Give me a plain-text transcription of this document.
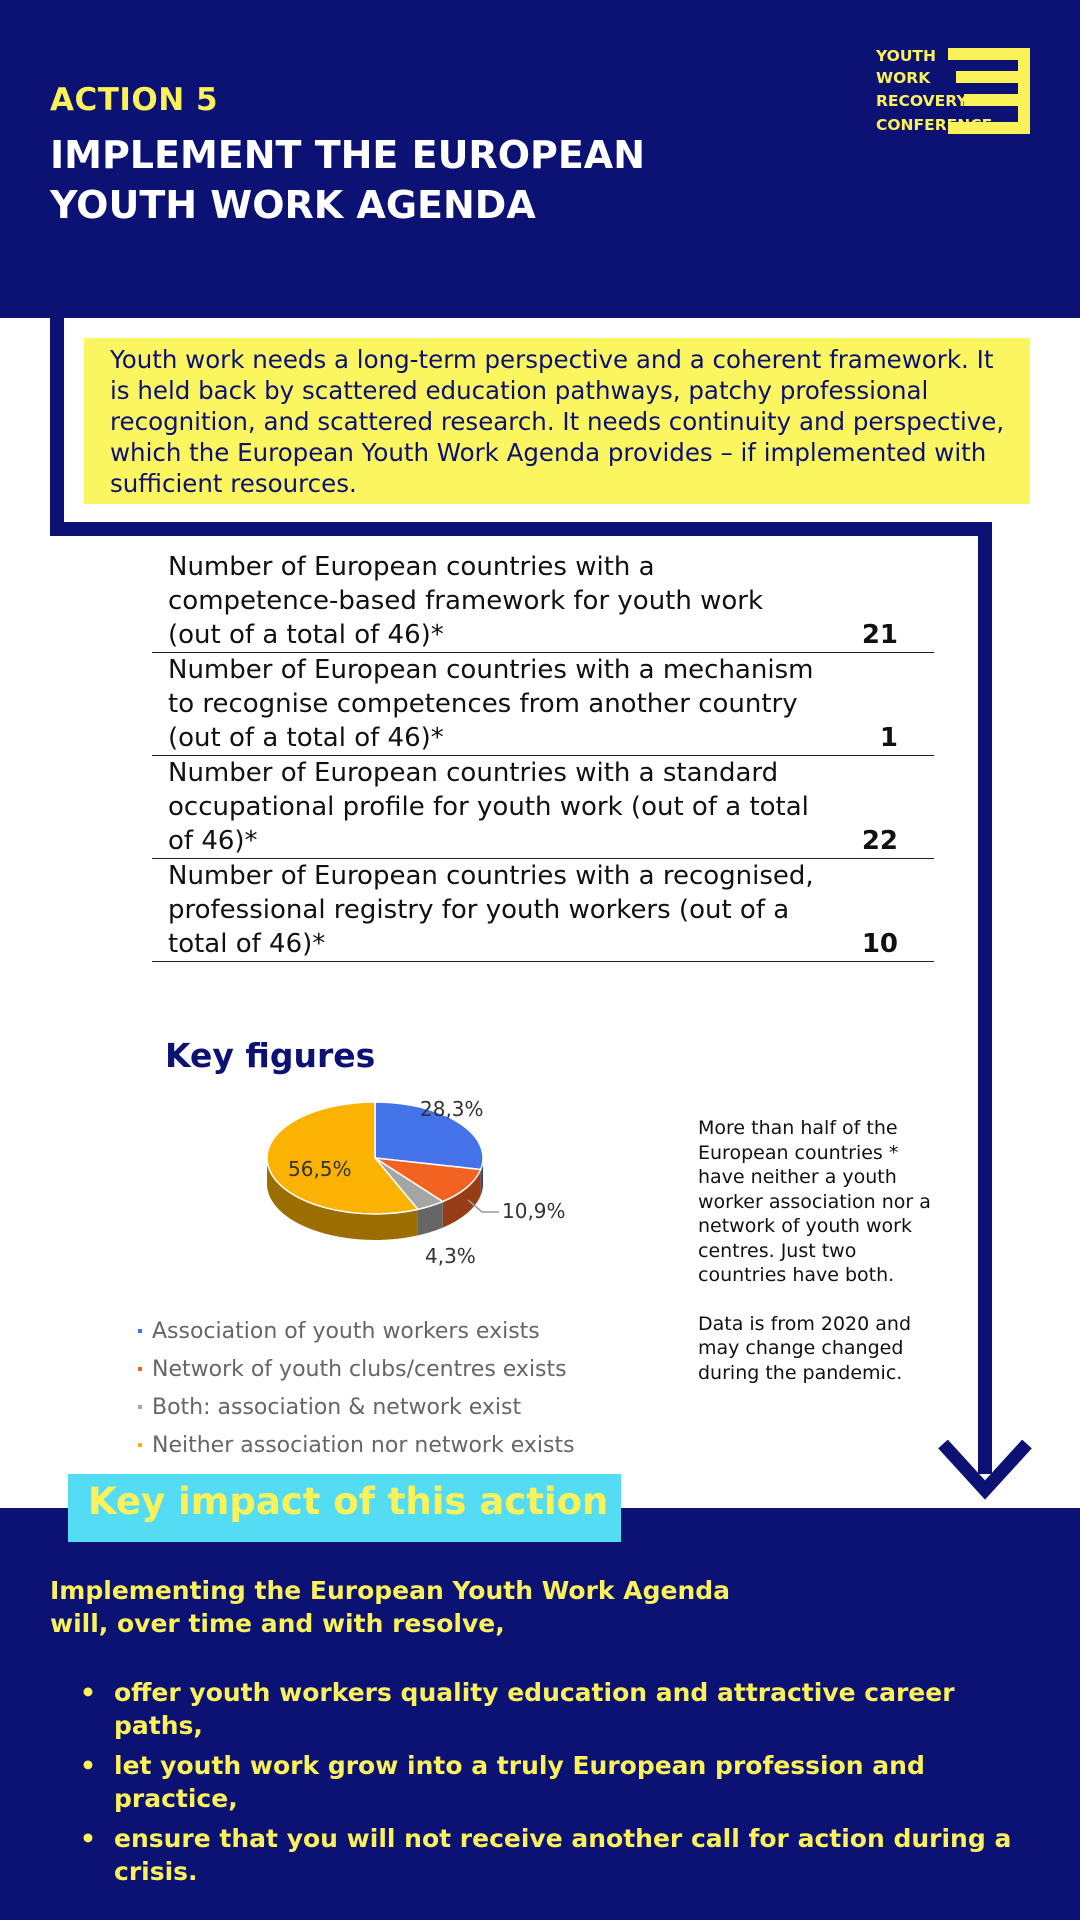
ACTION 5
IMPLEMENT THE EUROPEAN
YOUTH WORK AGENDA
YOUTH
WORK
RECOVERY
CONFERENCE
Youth work needs a long-term perspective and a coherent framework. It is held back by scattered education pathways, patchy professional recognition, and scattered research. It needs continuity and perspective, which the European Youth Work Agenda provides – if implemented with sufficient resources.
Number of European countries with a competence-based framework for youth work (out of a total of 46)*	21
Number of European countries with a mechanism to recognise competences from another country (out of a total of 46)*	1
Number of European countries with a standard occupational profile for youth work (out of a total of 46)*	22
Number of European countries with a recognised, professional registry for youth workers (out of a total of 46)*	10
Key figures
28,3%
10,9%
4,3%
56,5%
Association of youth workers exists
Network of youth clubs/centres exists
Both: association & network exist
Neither association nor network exists

More than half of the European countries * have neither a youth worker association nor a network of youth work centres. Just two countries have both.

Data is from 2020 and may change changed during the pandemic.

Key impact of this action
Implementing the European Youth Work Agenda
will, over time and with resolve,
• offer youth workers quality education and attractive career paths,
• let youth work grow into a truly European profession and practice,
• ensure that you will not receive another call for action during a crisis.
